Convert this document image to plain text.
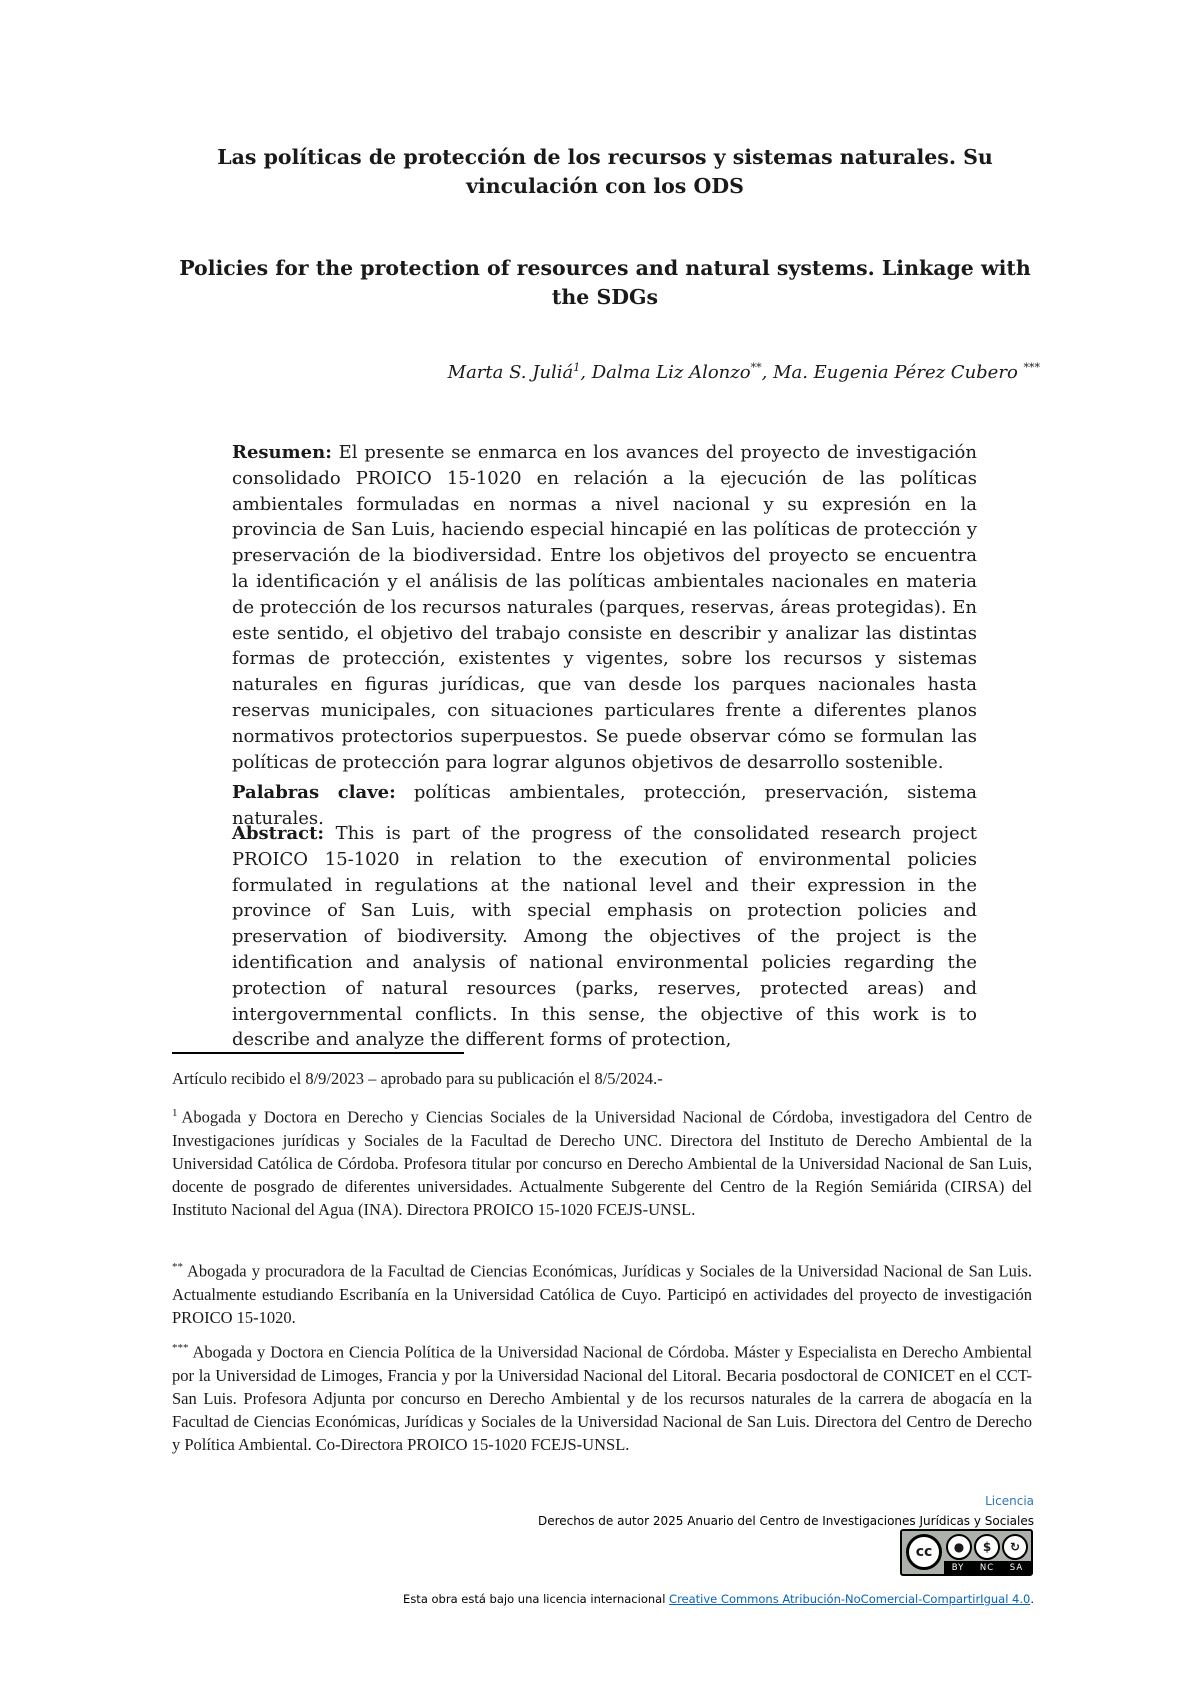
Las políticas de protección de los recursos y sistemas naturales. Su vinculación con los ODS
Policies for the protection of resources and natural systems. Linkage with the SDGs

Marta S. Juliá$^1$, Dalma Liz Alonzo**, Ma. Eugenia Pérez Cubero ***

Resumen: El presente se enmarca en los avances del proyecto de investigación consolidado PROICO 15-1020 en relación a la ejecución de las políticas ambientales formuladas en normas a nivel nacional y su expresión en la provincia de San Luis, haciendo especial hincapié en las políticas de protección y preservación de la biodiversidad. Entre los objetivos del proyecto se encuentra la identificación y el análisis de las políticas ambientales nacionales en materia de protección de los recursos naturales (parques, reservas, áreas protegidas). En este sentido, el objetivo del trabajo consiste en describir y analizar las distintas formas de protección, existentes y vigentes, sobre los recursos y sistemas naturales en figuras jurídicas, que van desde los parques nacionales hasta reservas municipales, con situaciones particulares frente a diferentes planos normativos protectorios superpuestos. Se puede observar cómo se formulan las políticas de protección para lograr algunos objetivos de desarrollo sostenible.

Palabras clave: políticas ambientales, protección, preservación, sistema naturales.

Abstract: This is part of the progress of the consolidated research project PROICO 15-1020 in relation to the execution of environmental policies formulated in regulations at the national level and their expression in the province of San Luis, with special emphasis on protection policies and preservation of biodiversity. Among the objectives of the project is the identification and analysis of national environmental policies regarding the protection of natural resources (parks, reserves, protected areas) and intergovernmental conflicts. In this sense, the objective of this work is to describe and analyze the different forms of protection,

Artículo recibido el 8/9/2023 – aprobado para su publicación el 8/5/2024.-

$^1$ Abogada y Doctora en Derecho y Ciencias Sociales de la Universidad Nacional de Córdoba, investigadora del Centro de Investigaciones jurídicas y Sociales de la Facultad de Derecho UNC. Directora del Instituto de Derecho Ambiental de la Universidad Católica de Córdoba. Profesora titular por concurso en Derecho Ambiental de la Universidad Nacional de San Luis, docente de posgrado de diferentes universidades. Actualmente Subgerente del Centro de la Región Semiárida (CIRSA) del Instituto Nacional del Agua (INA). Directora PROICO 15-1020 FCEJS-UNSL.

** Abogada y procuradora de la Facultad de Ciencias Económicas, Jurídicas y Sociales de la Universidad Nacional de San Luis. Actualmente estudiando Escribanía en la Universidad Católica de Cuyo. Participó en actividades del proyecto de investigación PROICO 15-1020.

*** Abogada y Doctora en Ciencia Política de la Universidad Nacional de Córdoba. Máster y Especialista en Derecho Ambiental por la Universidad de Limoges, Francia y por la Universidad Nacional del Litoral. Becaria posdoctoral de CONICET en el CCT-San Luis. Profesora Adjunta por concurso en Derecho Ambiental y de los recursos naturales de la carrera de abogacía en la Facultad de Ciencias Económicas, Jurídicas y Sociales de la Universidad Nacional de San Luis. Directora del Centro de Derecho y Política Ambiental. Co-Directora PROICO 15-1020 FCEJS-UNSL.

Licencia
Derechos de autor 2025 Anuario del Centro de Investigaciones Jurídicas y Sociales
cc	●	$	↻
BY NC SA
Esta obra está bajo una licencia internacional Creative Commons Atribución-NoComercial-CompartirIgual 4.0.
